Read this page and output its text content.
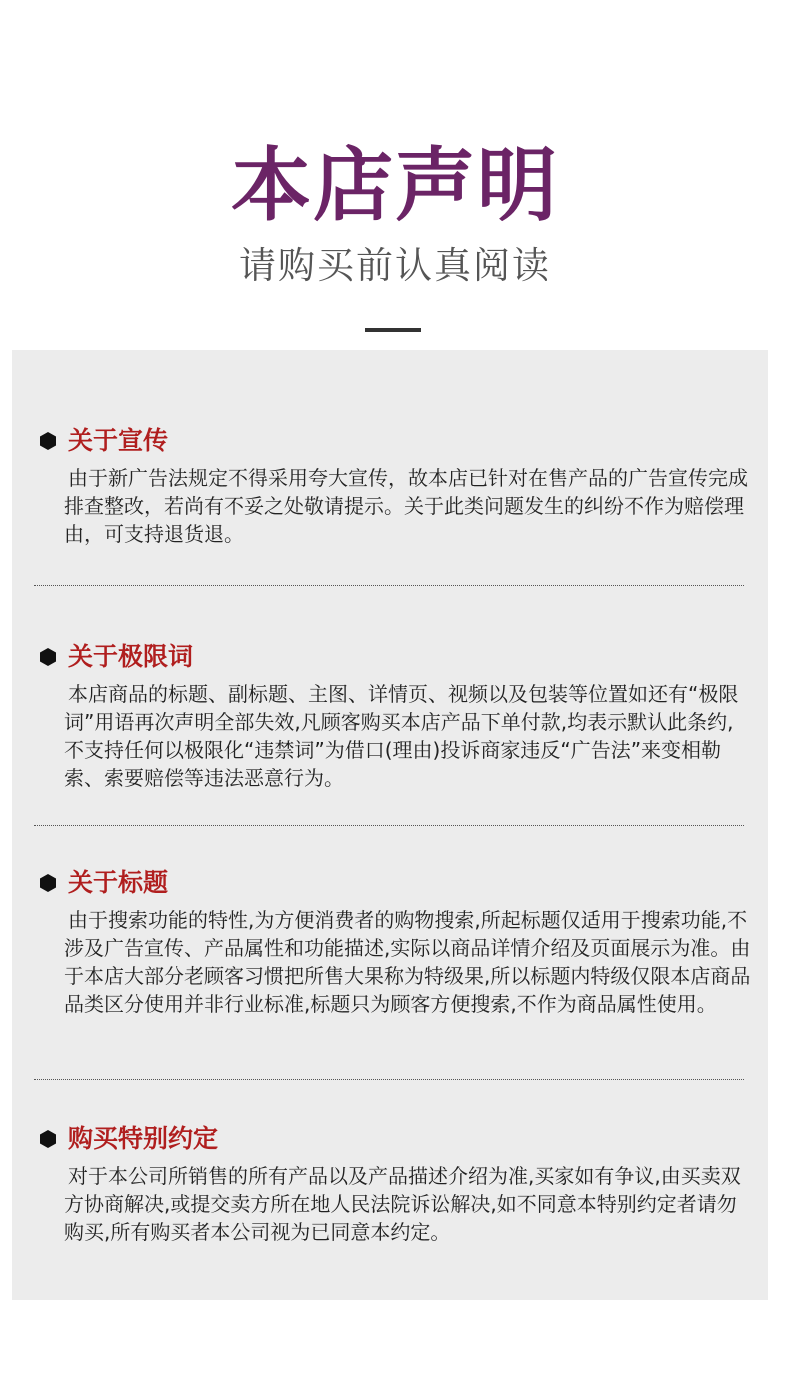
本店声明
请购买前认真阅读
关于宣传
由于新广告法规定不得采用夸大宣传，故本店已针对在售产品的广告宣传完成排查整改，若尚有不妥之处敬请提示。关于此类问题发生的纠纷不作为赔偿理由，可支持退货退。
关于极限词
本店商品的标题、副标题、主图、详情页、视频以及包装等位置如还有“极限词”用语再次声明全部失效,凡顾客购买本店产品下单付款,均表示默认此条约,不支持任何以极限化“违禁词”为借口(理由)投诉商家违反“广告法”来变相勒索、索要赔偿等违法恶意行为。
关于标题
由于搜索功能的特性,为方便消费者的购物搜索,所起标题仅适用于搜索功能,不涉及广告宣传、产品属性和功能描述,实际以商品详情介绍及页面展示为准。由于本店大部分老顾客习惯把所售大果称为特级果,所以标题内特级仅限本店商品品类区分使用并非行业标准,标题只为顾客方便搜索,不作为商品属性使用。
购买特别约定
对于本公司所销售的所有产品以及产品描述介绍为准,买家如有争议,由买卖双方协商解决,或提交卖方所在地人民法院诉讼解决,如不同意本特别约定者请勿购买,所有购买者本公司视为已同意本约定。
